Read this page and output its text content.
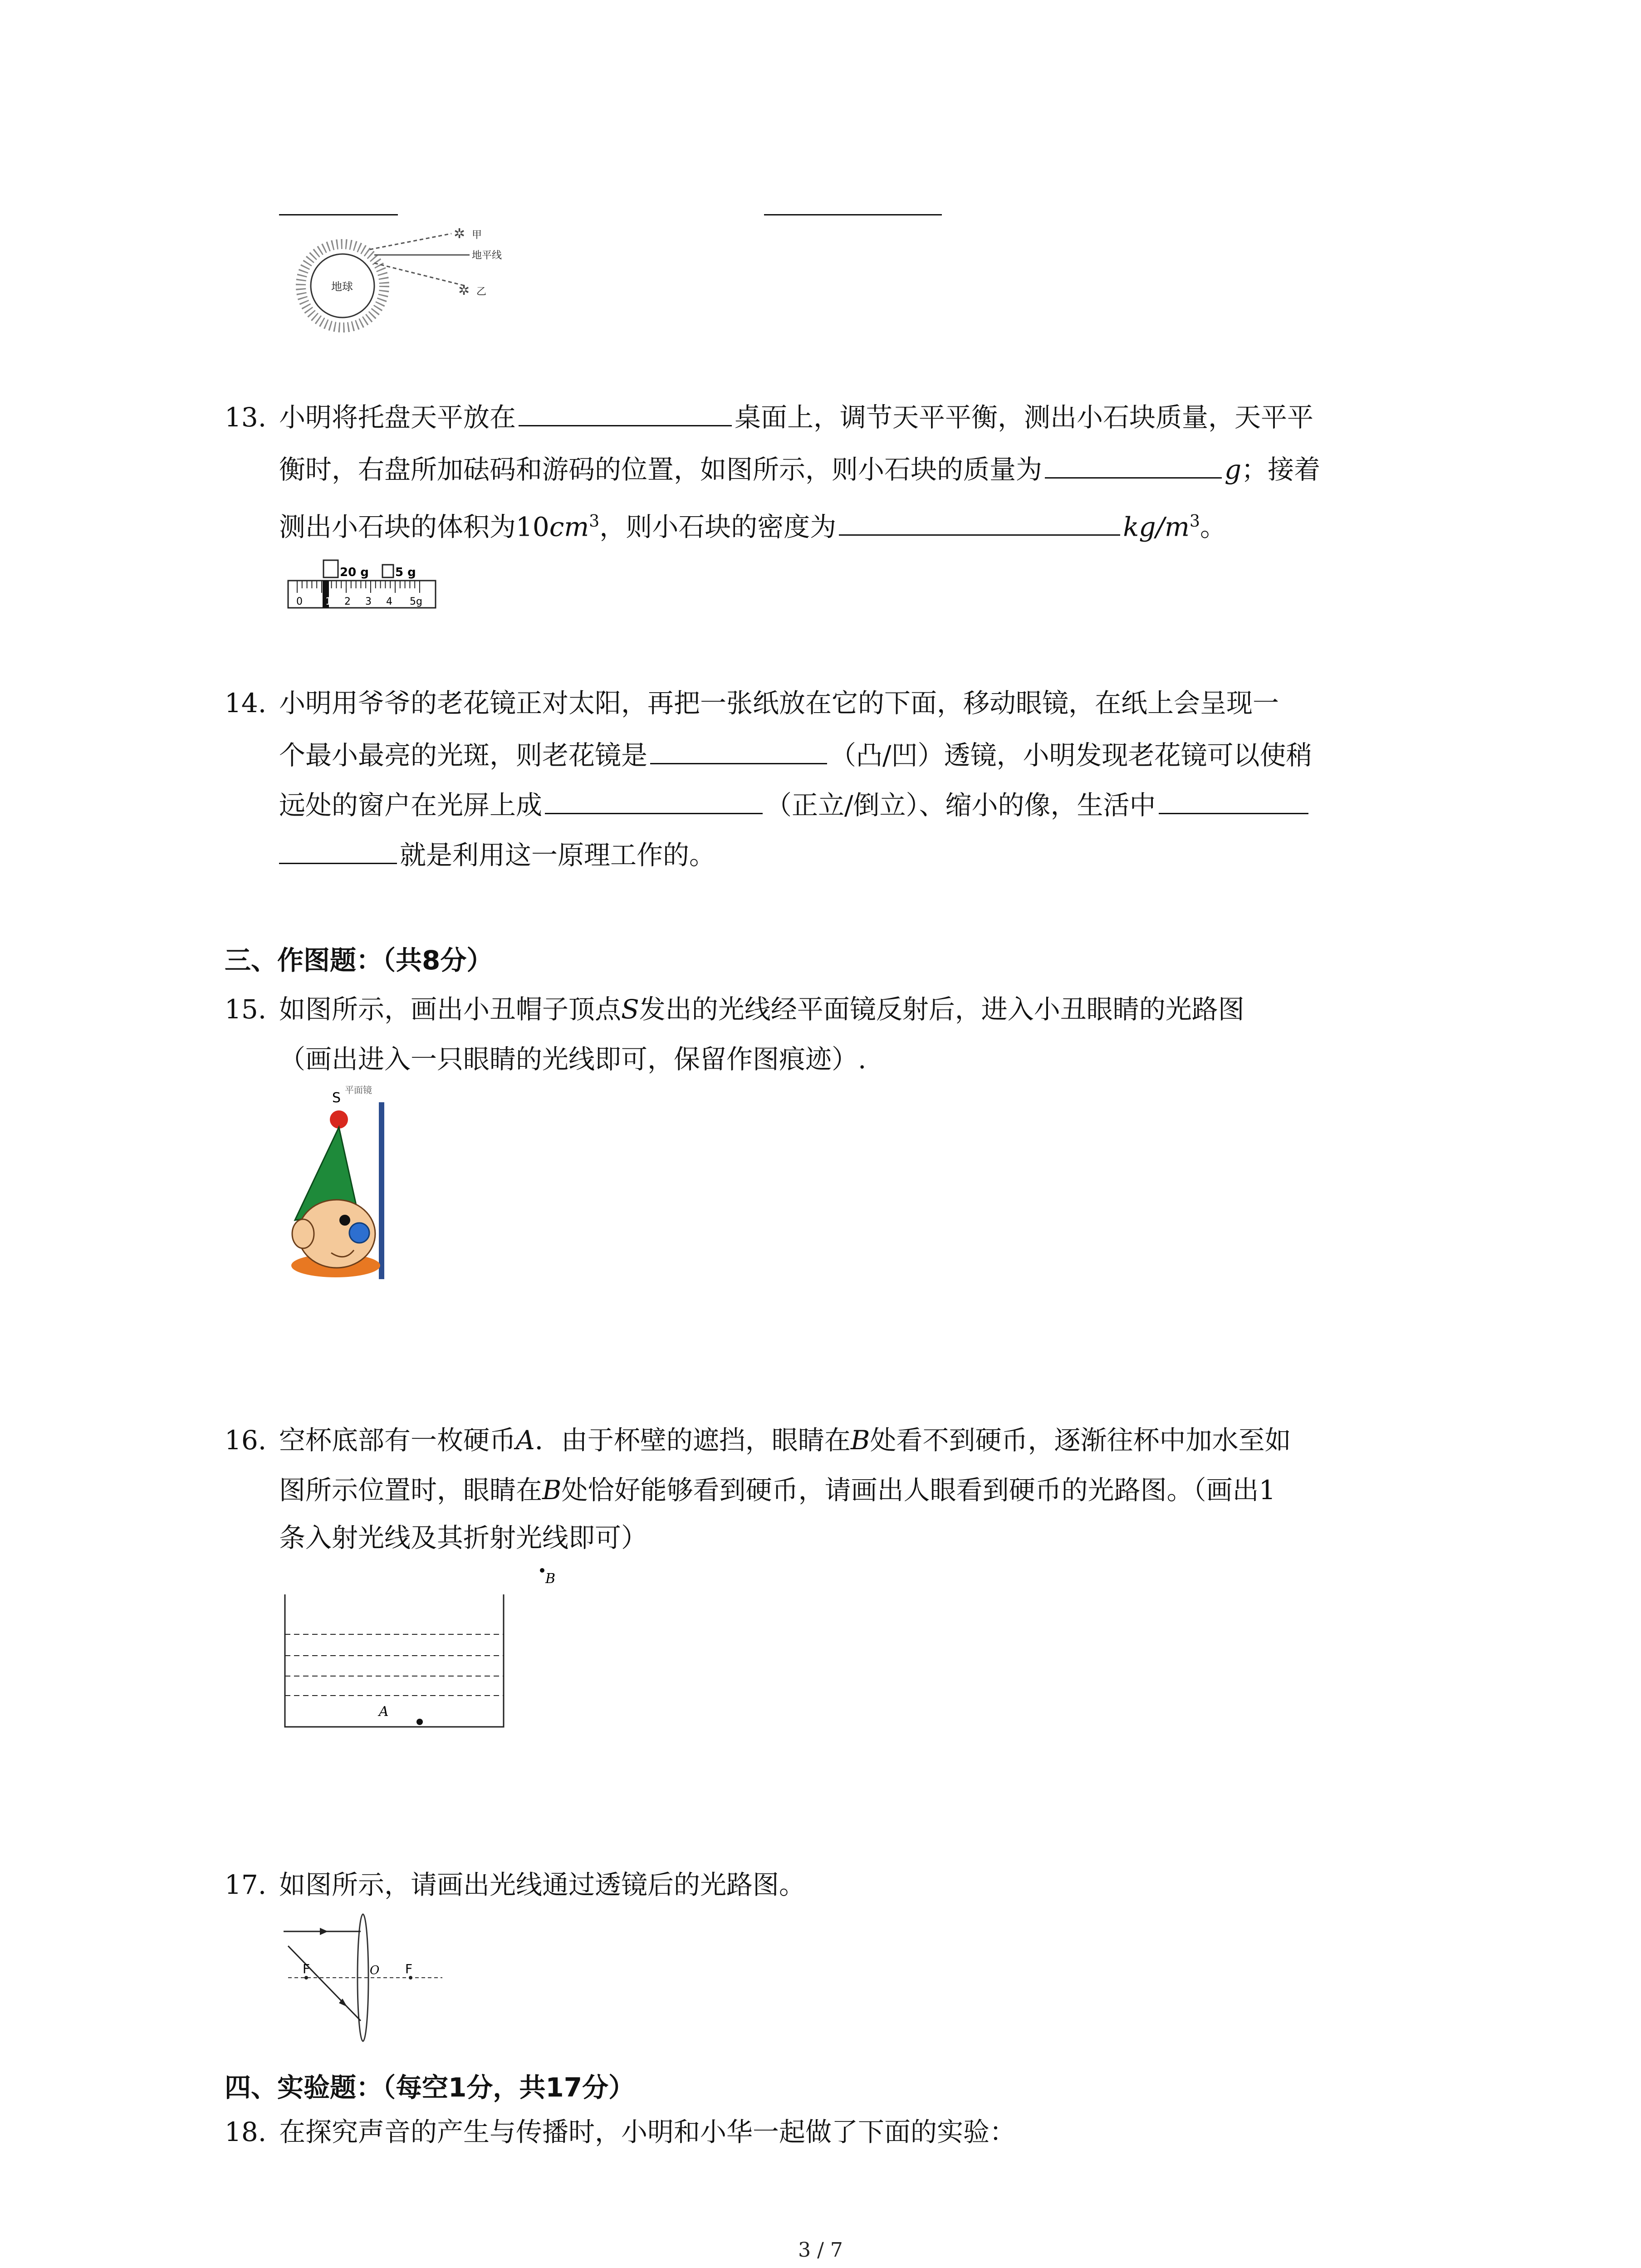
地球
✲ 甲
地平线
✲ 乙
13. 小明将托盘天平放在	桌面上，调节天平平衡，测出小石块质量，天平平
衡时，右盘所加砝码和游码的位置，如图所示，则小石块的质量为	g；接着
测出小石块的体积为$10cm^3$，则小石块的密度为	$kg/m^3$。
20 g 5 g
0 1 2 3 4 5g
14. 小明用爷爷的老花镜正对太阳，再把一张纸放在它的下面，移动眼镜，在纸上会呈现一
个最小最亮的光斑，则老花镜是	（凸/凹）透镜，小明发现老花镜可以使稍
远处的窗户在光屏上成	（正立/倒立）、缩小的像，生活中
就是利用这一原理工作的。
三、作图题：（共8分）
15. 如图所示，画出小丑帽子顶点S发出的光线经平面镜反射后，进入小丑眼睛的光路图
（画出进入一只眼睛的光线即可，保留作图痕迹）.
S 平面镜
16. 空杯底部有一枚硬币A．由于杯壁的遮挡，眼睛在B处看不到硬币，逐渐往杯中加水至如
图所示位置时，眼睛在B处恰好能够看到硬币，请画出人眼看到硬币的光路图。（画出1
条入射光线及其折射光线即可）
B
A
17. 如图所示，请画出光线通过透镜后的光路图。
F	O F
四、实验题：（每空1分，共17分）
18. 在探究声音的产生与传播时，小明和小华一起做了下面的实验：
3 / 7
